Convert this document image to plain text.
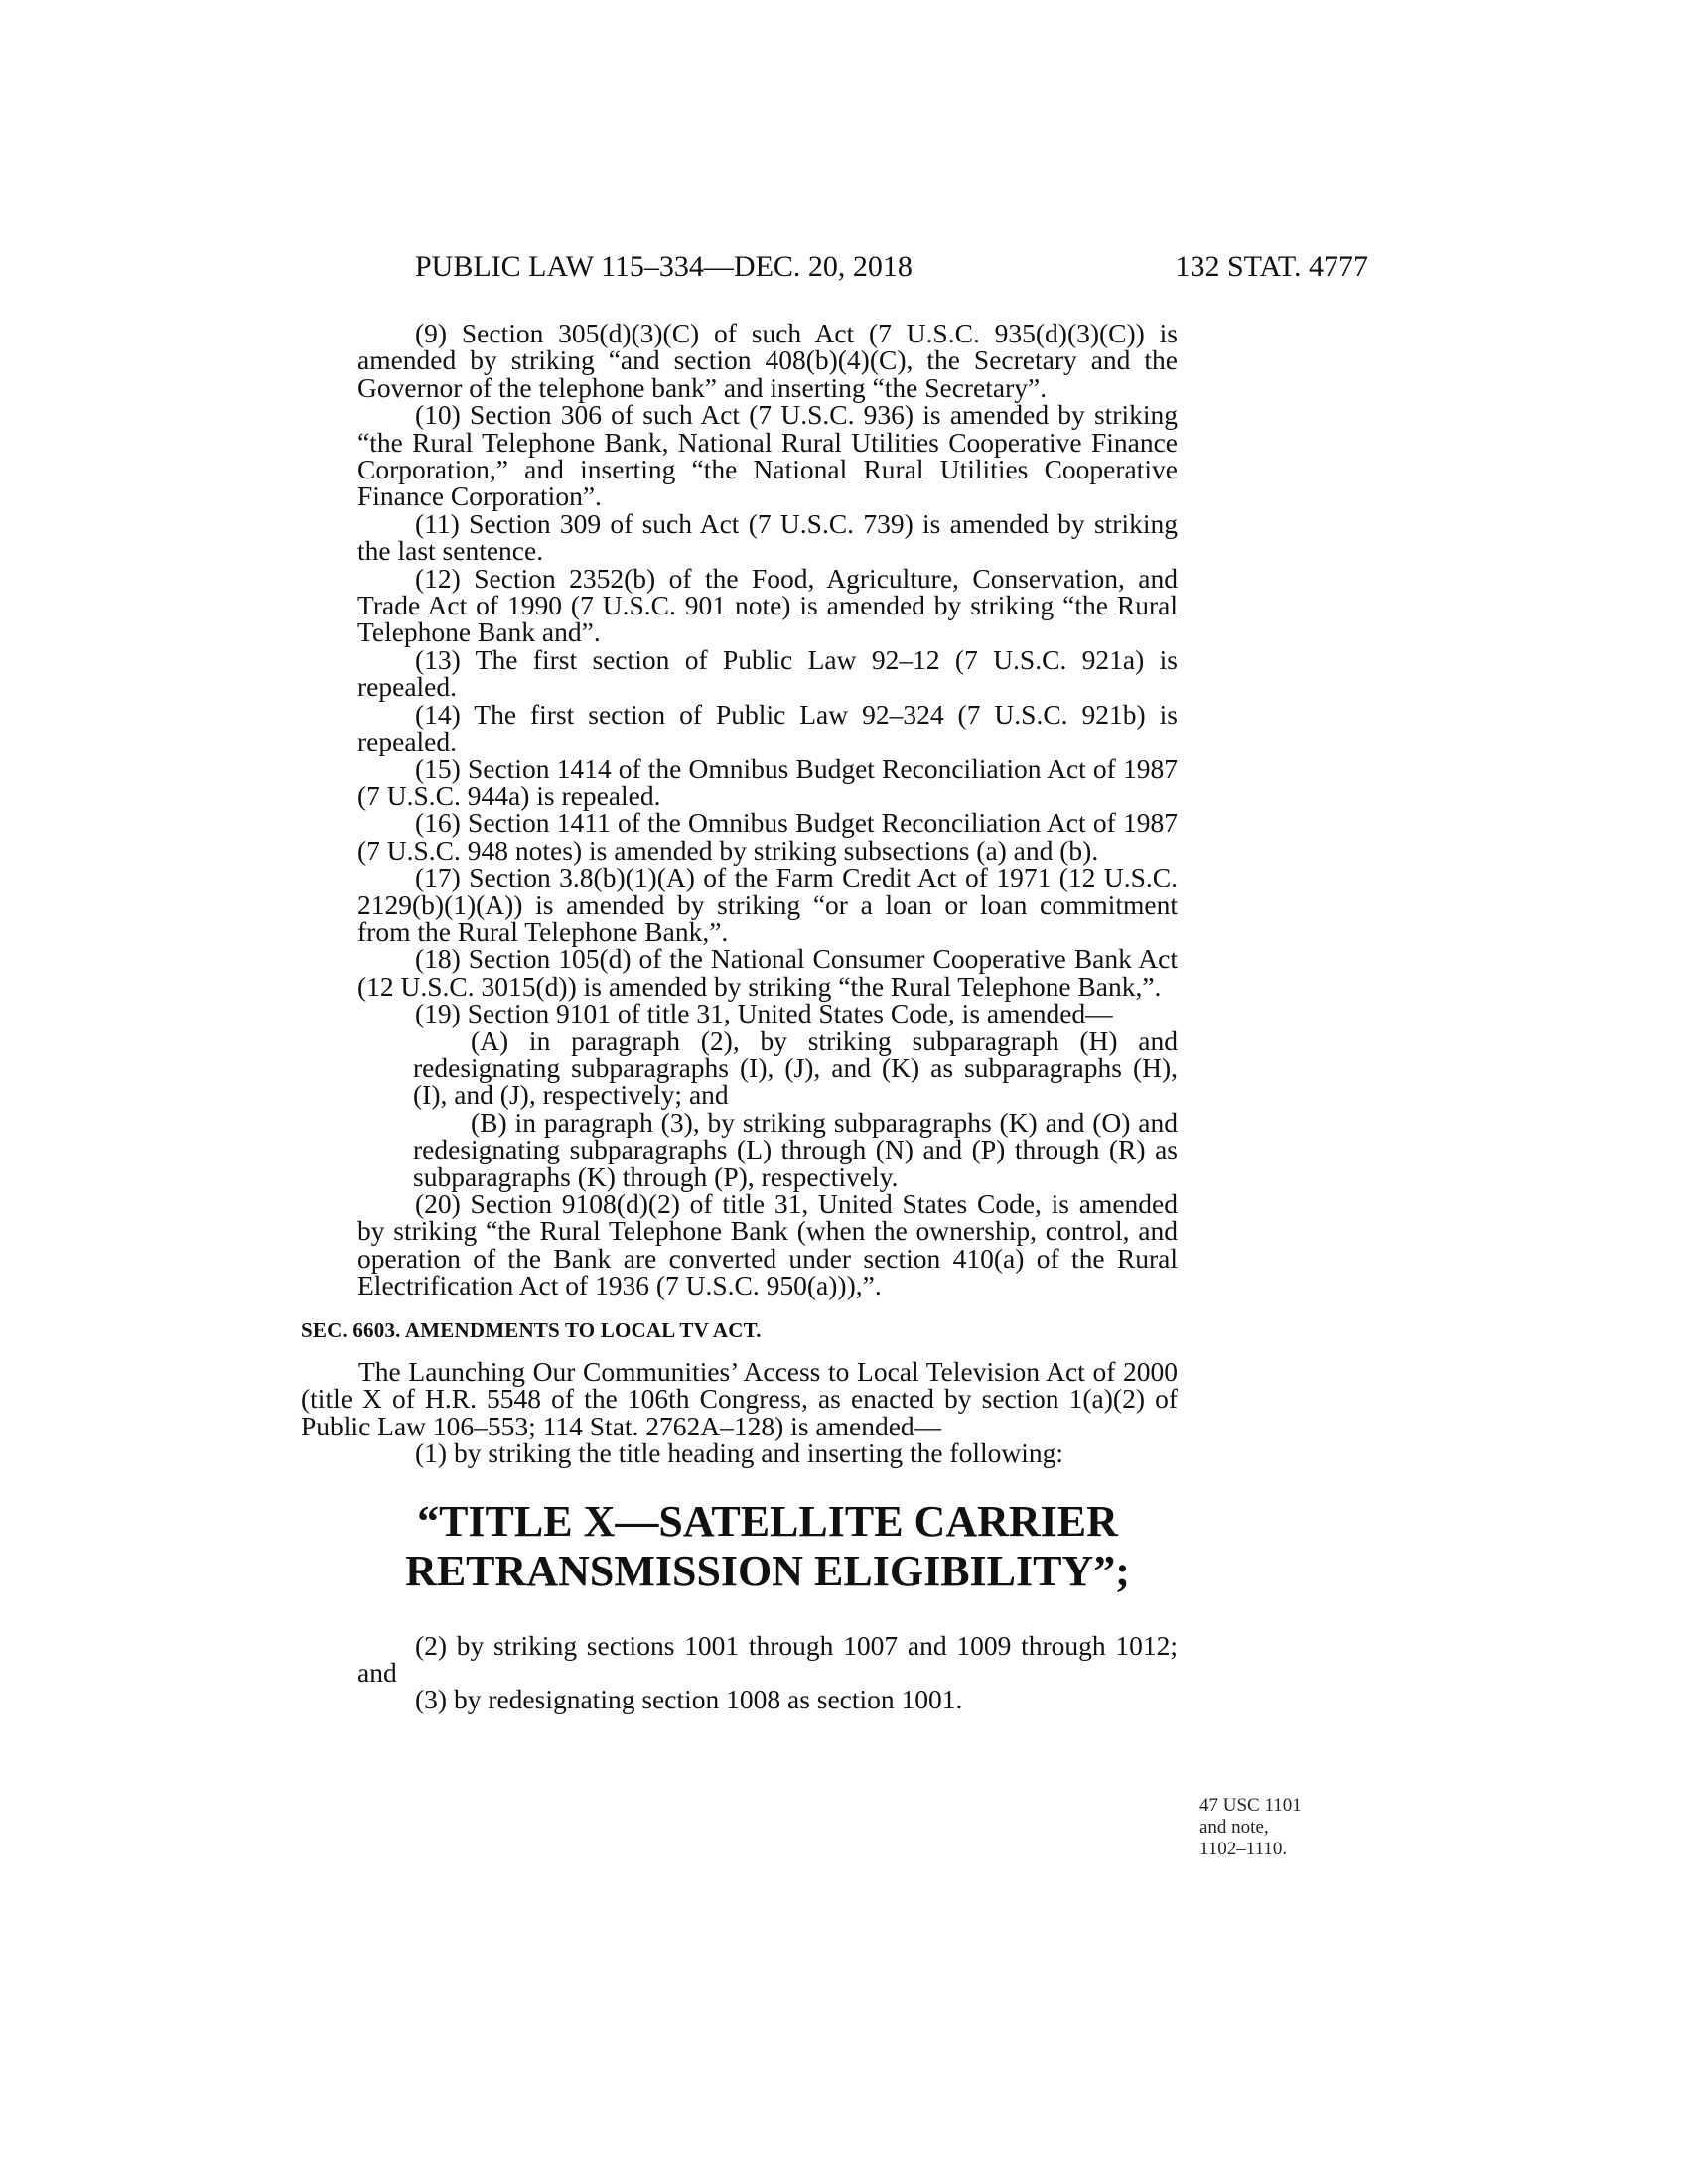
PUBLIC LAW 115–334—DEC. 20, 2018	132 STAT. 4777

(9) Section 305(d)(3)(C) of such Act (7 U.S.C. 935(d)(3)(C)) is amended by striking “and section 408(b)(4)(C), the Secretary and the Governor of the telephone bank” and inserting “the Secretary”.

(10) Section 306 of such Act (7 U.S.C. 936) is amended by striking “the Rural Telephone Bank, National Rural Utilities Cooperative Finance Corporation,” and inserting “the National Rural Utilities Cooperative Finance Corporation”.

(11) Section 309 of such Act (7 U.S.C. 739) is amended by striking the last sentence.

(12) Section 2352(b) of the Food, Agriculture, Conservation, and Trade Act of 1990 (7 U.S.C. 901 note) is amended by striking “the Rural Telephone Bank and”.

(13) The first section of Public Law 92–12 (7 U.S.C. 921a) is repealed.

(14) The first section of Public Law 92–324 (7 U.S.C. 921b) is repealed.

(15) Section 1414 of the Omnibus Budget Reconciliation Act of 1987 (7 U.S.C. 944a) is repealed.

(16) Section 1411 of the Omnibus Budget Reconciliation Act of 1987 (7 U.S.C. 948 notes) is amended by striking subsections (a) and (b).

(17) Section 3.8(b)(1)(A) of the Farm Credit Act of 1971 (12 U.S.C. 2129(b)(1)(A)) is amended by striking “or a loan or loan commitment from the Rural Telephone Bank,”.

(18) Section 105(d) of the National Consumer Cooperative Bank Act (12 U.S.C. 3015(d)) is amended by striking “the Rural Telephone Bank,”.

(19) Section 9101 of title 31, United States Code, is amended—

(A) in paragraph (2), by striking subparagraph (H) and redesignating subparagraphs (I), (J), and (K) as subparagraphs (H), (I), and (J), respectively; and

(B) in paragraph (3), by striking subparagraphs (K) and (O) and redesignating subparagraphs (L) through (N) and (P) through (R) as subparagraphs (K) through (P), respectively.

(20) Section 9108(d)(2) of title 31, United States Code, is amended by striking “the Rural Telephone Bank (when the ownership, control, and operation of the Bank are converted under section 410(a) of the Rural Electrification Act of 1936 (7 U.S.C. 950(a))),”.

SEC. 6603. AMENDMENTS TO LOCAL TV ACT.

The Launching Our Communities’ Access to Local Television Act of 2000 (title X of H.R. 5548 of the 106th Congress, as enacted by section 1(a)(2) of Public Law 106–553; 114 Stat. 2762A–128) is amended—

(1) by striking the title heading and inserting the following:

“TITLE X—SATELLITE CARRIER
RETRANSMISSION ELIGIBILITY”;

(2) by striking sections 1001 through 1007 and 1009 through 1012; and

(3) by redesignating section 1008 as section 1001.

47 USC 1101
and note,
1102–1110.
